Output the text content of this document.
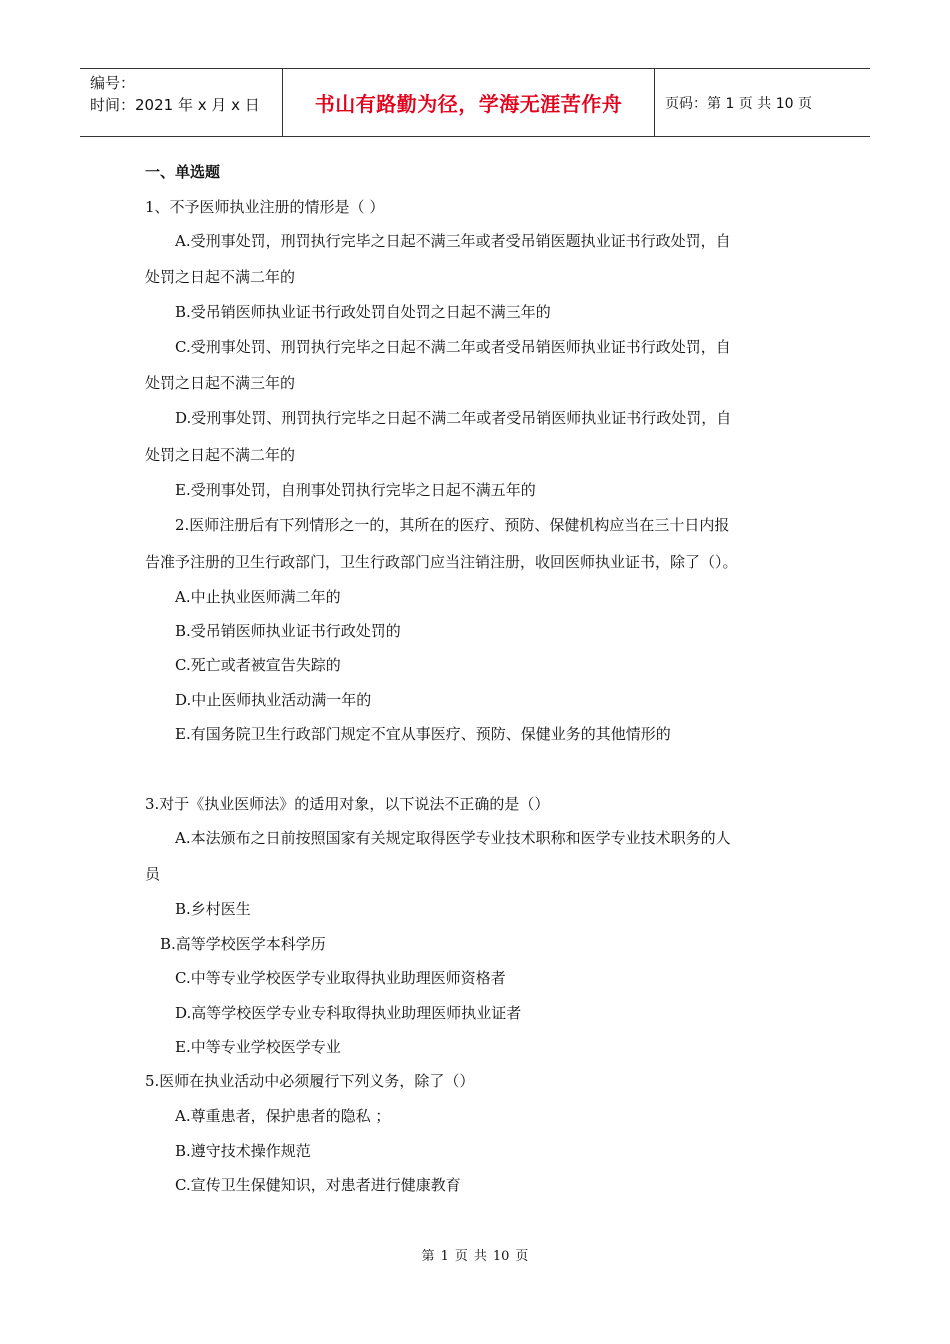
编号：
时间：2021 年 x 月 x 日	书山有路勤为径，学海无涯苦作舟	页码：第 1 页 共 10 页
一、单选题
1、不予医师执业注册的情形是（ ）
A.受刑事处罚，刑罚执行完毕之日起不满三年或者受吊销医题执业证书行政处罚，自
处罚之日起不满二年的
B.受吊销医师执业证书行政处罚自处罚之日起不满三年的
C.受刑事处罚、刑罚执行完毕之日起不满二年或者受吊销医师执业证书行政处罚，自
处罚之日起不满三年的
D.受刑事处罚、刑罚执行完毕之日起不满二年或者受吊销医师执业证书行政处罚，自
处罚之日起不满二年的
E.受刑事处罚，自刑事处罚执行完毕之日起不满五年的
2.医师注册后有下列情形之一的，其所在的医疗、预防、保健机构应当在三十日内报
告准予注册的卫生行政部门，卫生行政部门应当注销注册，收回医师执业证书，除了（）。
A.中止执业医师满二年的
B.受吊销医师执业证书行政处罚的
C.死亡或者被宣告失踪的
D.中止医师执业活动满一年的
E.有国务院卫生行政部门规定不宜从事医疗、预防、保健业务的其他情形的
3.对于《执业医师法》的适用对象，以下说法不正确的是（）
A.本法颁布之日前按照国家有关规定取得医学专业技术职称和医学专业技术职务的人
员
B.乡村医生
B.高等学校医学本科学历
C.中等专业学校医学专业取得执业助理医师资格者
D.高等学校医学专业专科取得执业助理医师执业证者
E.中等专业学校医学专业
5.医师在执业活动中必须履行下列义务，除了（）
A.尊重患者，保护患者的隐私 ；
B.遵守技术操作规范
C.宣传卫生保健知识，对患者进行健康教育
第 1 页 共 10 页
